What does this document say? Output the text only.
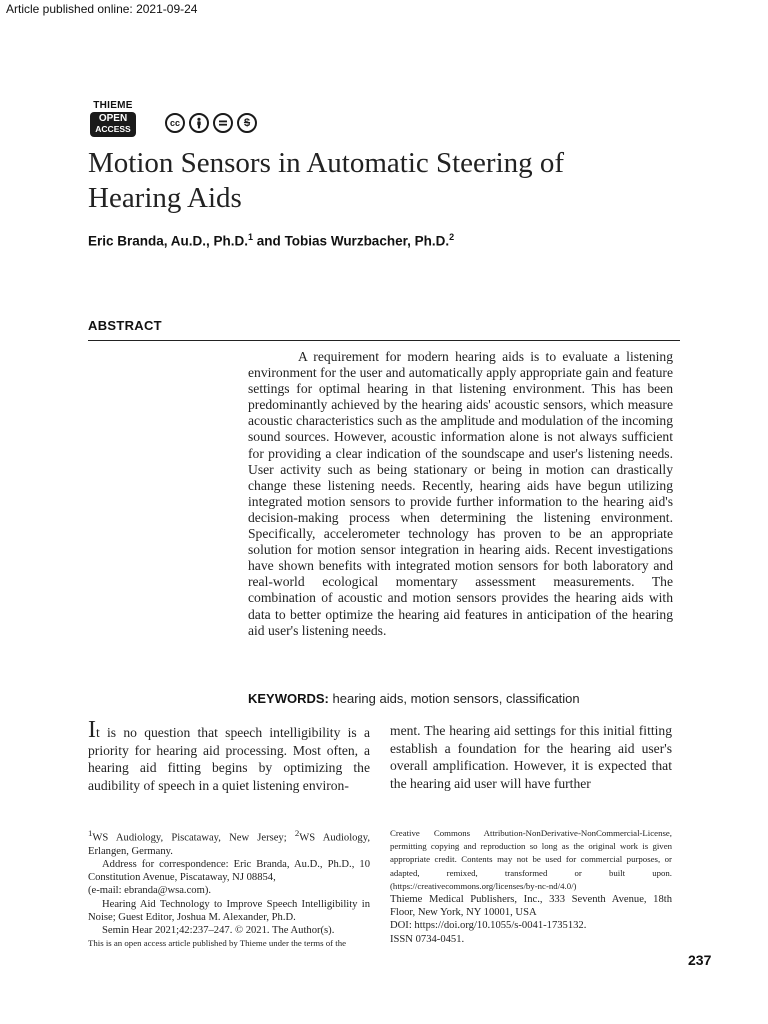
Article published online: 2021-09-24
THIEME
OPEN
ACCESS
cc	$
Motion Sensors in Automatic Steering of Hearing Aids
Eric Branda, Au.D., Ph.D.$^1$ and Tobias Wurzbacher, Ph.D.$^2$
ABSTRACT
A requirement for modern hearing aids is to evaluate a listening environment for the user and automatically apply appropriate gain and feature settings for optimal hearing in that listening environment. This has been predominantly achieved by the hearing aids' acoustic sensors, which measure acoustic characteristics such as the amplitude and modulation of the incoming sound sources. However, acoustic information alone is not always sufficient for providing a clear indication of the soundscape and user's listening needs. User activity such as being stationary or being in motion can drastically change these listening needs. Recently, hearing aids have begun utilizing integrated motion sensors to provide further information to the hearing aid's decision-making process when determining the listening environment. Specifically, accelerometer technology has proven to be an appropriate solution for motion sensor integration in hearing aids. Recent investigations have shown benefits with integrated motion sensors for both laboratory and real-world ecological momentary assessment measurements. The combination of acoustic and motion sensors provides the hearing aids with data to better optimize the hearing aid features in anticipation of the hearing aid user's listening needs.
KEYWORDS: hearing aids, motion sensors, classification
It is no question that speech intelligibility is a priority for hearing aid processing. Most often, a hearing aid fitting begins by optimizing the audibility of speech in a quiet listening environ-
ment. The hearing aid settings for this initial fitting establish a foundation for the hearing aid user's overall amplification. However, it is expected that the hearing aid user will have further

$^1$WS Audiology, Piscataway, New Jersey; $^2$WS Audiology, Erlangen, Germany.

Address for correspondence: Eric Branda, Au.D., Ph.D., 10 Constitution Avenue, Piscataway, NJ 08854,

(e-mail: ebranda@wsa.com).

Hearing Aid Technology to Improve Speech Intelligibility in Noise; Guest Editor, Joshua M. Alexander, Ph.D.

Semin Hear 2021;42:237–247. © 2021. The Author(s).

This is an open access article published by Thieme under the terms of the

Creative Commons Attribution-NonDerivative-NonCommercial-License, permitting copying and reproduction so long as the original work is given appropriate credit. Contents may not be used for commercial purposes, or adapted, remixed, transformed or built upon. (https://creativecommons.org/licenses/by-nc-nd/4.0/)

Thieme Medical Publishers, Inc., 333 Seventh Avenue, 18th Floor, New York, NY 10001, USA

DOI: https://doi.org/10.1055/s-0041-1735132.

ISSN 0734-0451.

237
